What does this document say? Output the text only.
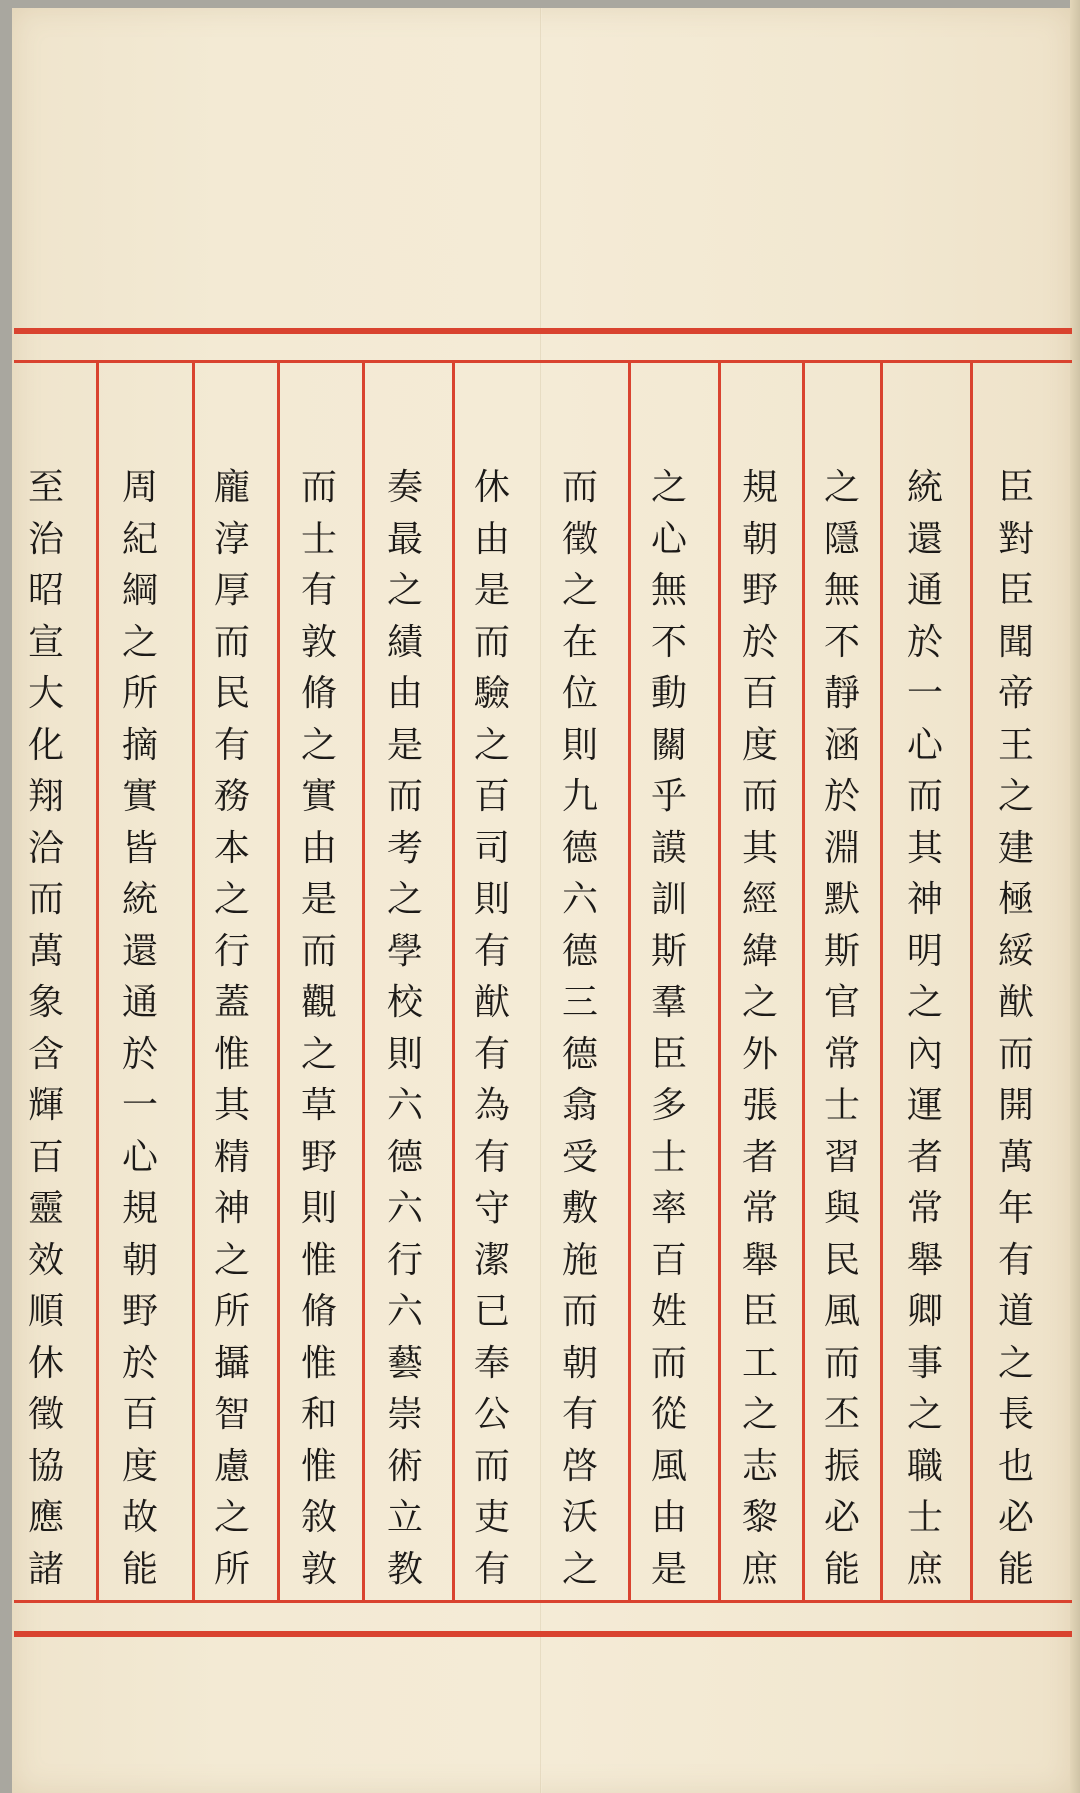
臣
對
臣
聞
帝
王
之
建
極
綏
猷
而
開
萬
年
有
道
之
長
也
必
能
統
還
通
於
一
心
而
其
神
明
之
內
運
者
常
舉
卿
事
之
職
士
庶
之
隱
無
不
靜
涵
於
淵
默
斯
官
常
士
習
與
民
風
而
丕
振
必
能
規
朝
野
於
百
度
而
其
經
緯
之
外
張
者
常
舉
臣
工
之
志
黎
庶
之
心
無
不
動
關
乎
謨
訓
斯
羣
臣
多
士
率
百
姓
而
從
風
由
是
而
徵
之
在
位
則
九
德
六
德
三
德
翕
受
敷
施
而
朝
有
啓
沃
之
休
由
是
而
驗
之
百
司
則
有
猷
有
為
有
守
潔
已
奉
公
而
吏
有
奏
最
之
績
由
是
而
考
之
學
校
則
六
德
六
行
六
藝
崇
術
立
教
而
士
有
敦
脩
之
實
由
是
而
觀
之
草
野
則
惟
脩
惟
和
惟
敘
敦
龐
淳
厚
而
民
有
務
本
之
行
蓋
惟
其
精
神
之
所
攝
智
慮
之
所
周
紀
綱
之
所
摘
實
皆
統
還
通
於
一
心
規
朝
野
於
百
度
故
能
至
治
昭
宣
大
化
翔
洽
而
萬
象
含
輝
百
靈
效
順
休
徵
協
應
諸
